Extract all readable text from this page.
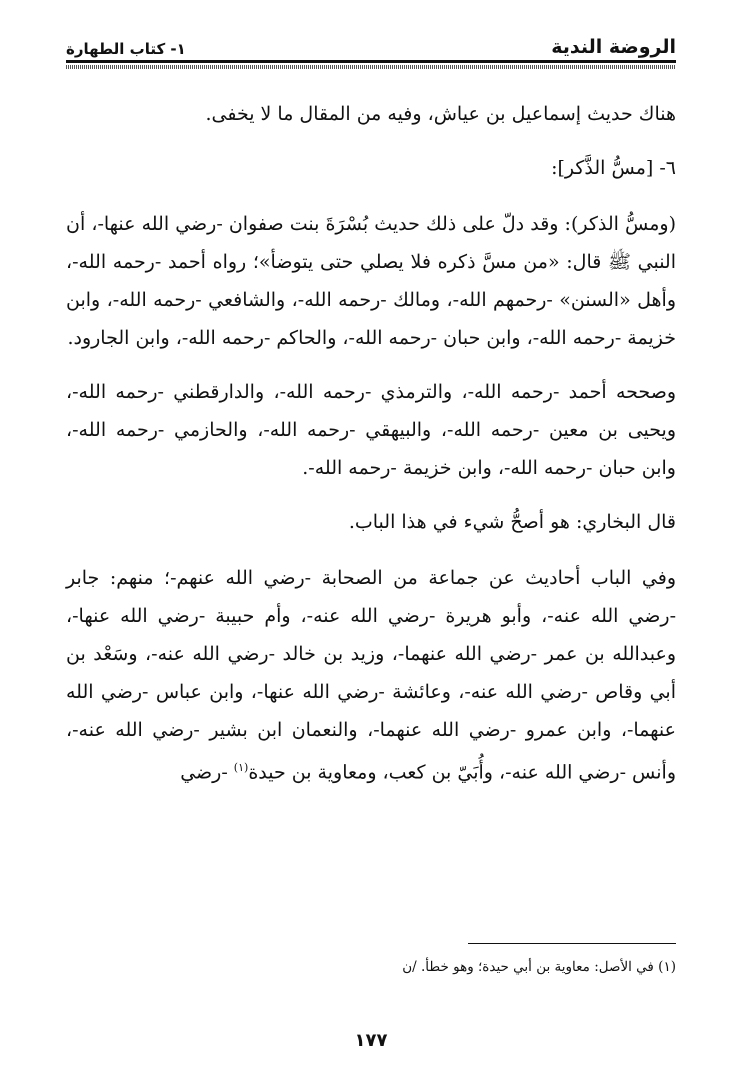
الروضة الندية
١- كتاب الطهارة

هناك حديث إسماعيل بن عياش، وفيه من المقال ما لا يخفى.

٦- [مسُّ الذَّكر]:

(ومسُّ الذكر): وقد دلّ على ذلك حديث بُسْرَةَ بنت صفوان -رضي الله عنها-، أن النبي ﷺ قال: «من مسَّ ذكره فلا يصلي حتى يتوضأ»؛ رواه أحمد -رحمه الله-، وأهل «السنن» -رحمهم الله-، ومالك -رحمه الله-، والشافعي -رحمه الله-، وابن خزيمة -رحمه الله-، وابن حبان -رحمه الله-، والحاكم -رحمه الله-، وابن الجارود.

وصححه أحمد -رحمه الله-، والترمذي -رحمه الله-، والدارقطني -رحمه الله-، ويحيى بن معين -رحمه الله-، والبيهقي -رحمه الله-، والحازمي -رحمه الله-، وابن حبان -رحمه الله-، وابن خزيمة -رحمه الله-.

قال البخاري: هو أصحُّ شيء في هذا الباب.

وفي الباب أحاديث عن جماعة من الصحابة -رضي الله عنهم-؛ منهم: جابر -رضي الله عنه-، وأبو هريرة -رضي الله عنه-، وأم حبيبة -رضي الله عنها-، وعبدالله بن عمر -رضي الله عنهما-، وزيد بن خالد -رضي الله عنه-، وسَعْد بن أبي وقاص -رضي الله عنه-، وعائشة -رضي الله عنها-، وابن عباس -رضي الله عنهما-، وابن عمرو -رضي الله عنهما-، والنعمان ابن بشير -رضي الله عنه-، وأنس -رضي الله عنه-، وأُبَيّ بن كعب، ومعاوية بن حيدة$^{(١)}$ -رضي

(١) في الأصل: معاوية بن أبي حيدة؛ وهو خطأ. /ن
١٧٧
